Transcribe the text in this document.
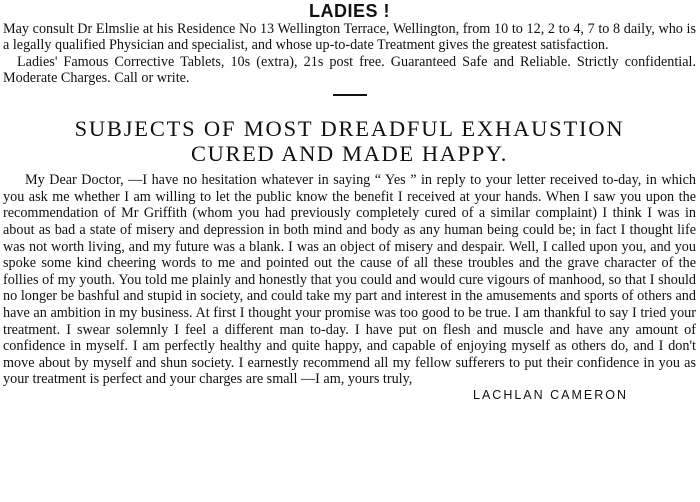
LADIES !

May consult Dr Elmslie at his Residence No 13 Wellington Terrace, Wellington, from 10 to 12, 2 to 4, 7 to 8 daily, who is a legally qualified Physician and specialist, and whose up-to-date Treatment gives the greatest satisfaction.

Ladies' Famous Corrective Tablets, 10s (extra), 21s post free. Guaranteed Safe and Reliable. Strictly confidential. Moderate Charges. Call or write.

SUBJECTS OF MOST DREADFUL EXHAUSTION
CURED AND MADE HAPPY.

My Dear Doctor, —I have no hesitation whatever in saying “ Yes ” in reply to your letter received to-day, in which you ask me whether I am willing to let the public know the benefit I received at your hands. When I saw you upon the recommendation of Mr Griffith (whom you had previously completely cured of a similar complaint) I think I was in about as bad a state of misery and depression in both mind and body as any human being could be; in fact I thought life was not worth living, and my future was a blank. I was an object of misery and despair. Well, I called upon you, and you spoke some kind cheering words to me and pointed out the cause of all these troubles and the grave character of the follies of my youth. You told me plainly and honestly that you could and would cure vigours of manhood, so that I should no longer be bashful and stupid in society, and could take my part and interest in the amusements and sports of others and have an ambition in my business. At first I thought your promise was too good to be true. I am thankful to say I tried your treatment. I swear solemnly I feel a different man to-day. I have put on flesh and muscle and have any amount of confidence in myself. I am perfectly healthy and quite happy, and capable of enjoying myself as others do, and I don't move about by myself and shun society. I earnestly recommend all my fellow sufferers to put their confidence in you as your treatment is perfect and your charges are small —I am, yours truly,

LACHLAN CAMERON
